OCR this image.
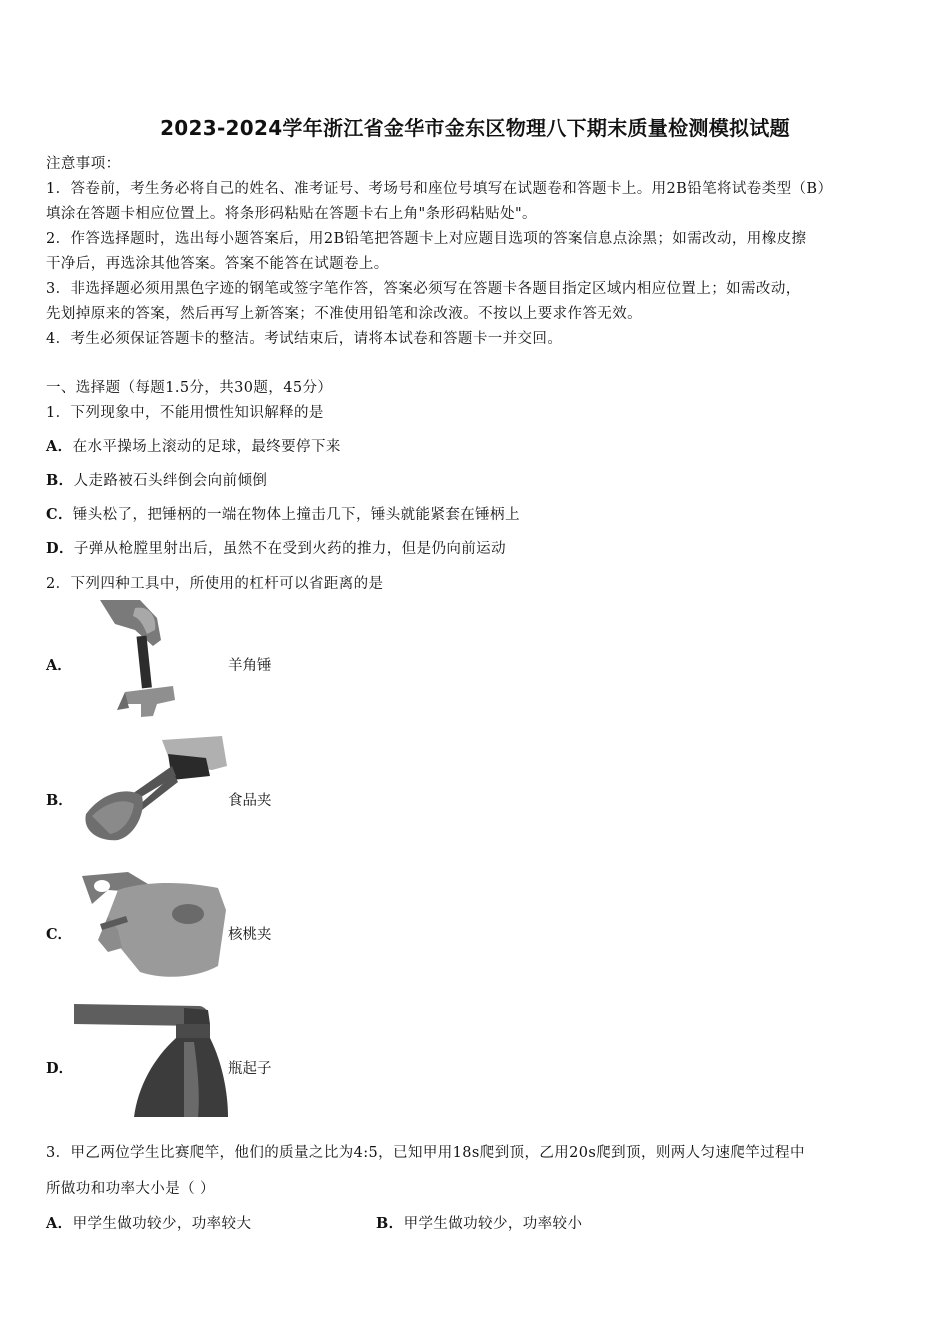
2023-2024学年浙江省金华市金东区物理八下期末质量检测模拟试题
注意事项：
1．答卷前，考生务必将自己的姓名、准考证号、考场号和座位号填写在试题卷和答题卡上。用2B铅笔将试卷类型（B）
填涂在答题卡相应位置上。将条形码粘贴在答题卡右上角"条形码粘贴处"。
2．作答选择题时，选出每小题答案后，用2B铅笔把答题卡上对应题目选项的答案信息点涂黑；如需改动，用橡皮擦
干净后，再选涂其他答案。答案不能答在试题卷上。
3．非选择题必须用黑色字迹的钢笔或签字笔作答，答案必须写在答题卡各题目指定区域内相应位置上；如需改动，
先划掉原来的答案，然后再写上新答案；不准使用铅笔和涂改液。不按以上要求作答无效。
4．考生必须保证答题卡的整洁。考试结束后，请将本试卷和答题卡一并交回。
一、选择题（每题1.5分，共30题，45分）
1．下列现象中，不能用惯性知识解释的是
A．在水平操场上滚动的足球，最终要停下来
B．人走路被石头绊倒会向前倾倒
C．锤头松了，把锤柄的一端在物体上撞击几下，锤头就能紧套在锤柄上
D．子弹从枪膛里射出后，虽然不在受到火药的推力，但是仍向前运动
2．下列四种工具中，所使用的杠杆可以省距离的是
A．	羊角锤
B．	食品夹
C．	核桃夹
D．	瓶起子
3．甲乙两位学生比赛爬竿，他们的质量之比为4:5，已知甲用18s爬到顶，乙用20s爬到顶，则两人匀速爬竿过程中
所做功和功率大小是（ ）
A．甲学生做功较少，功率较大	B．甲学生做功较少，功率较小
